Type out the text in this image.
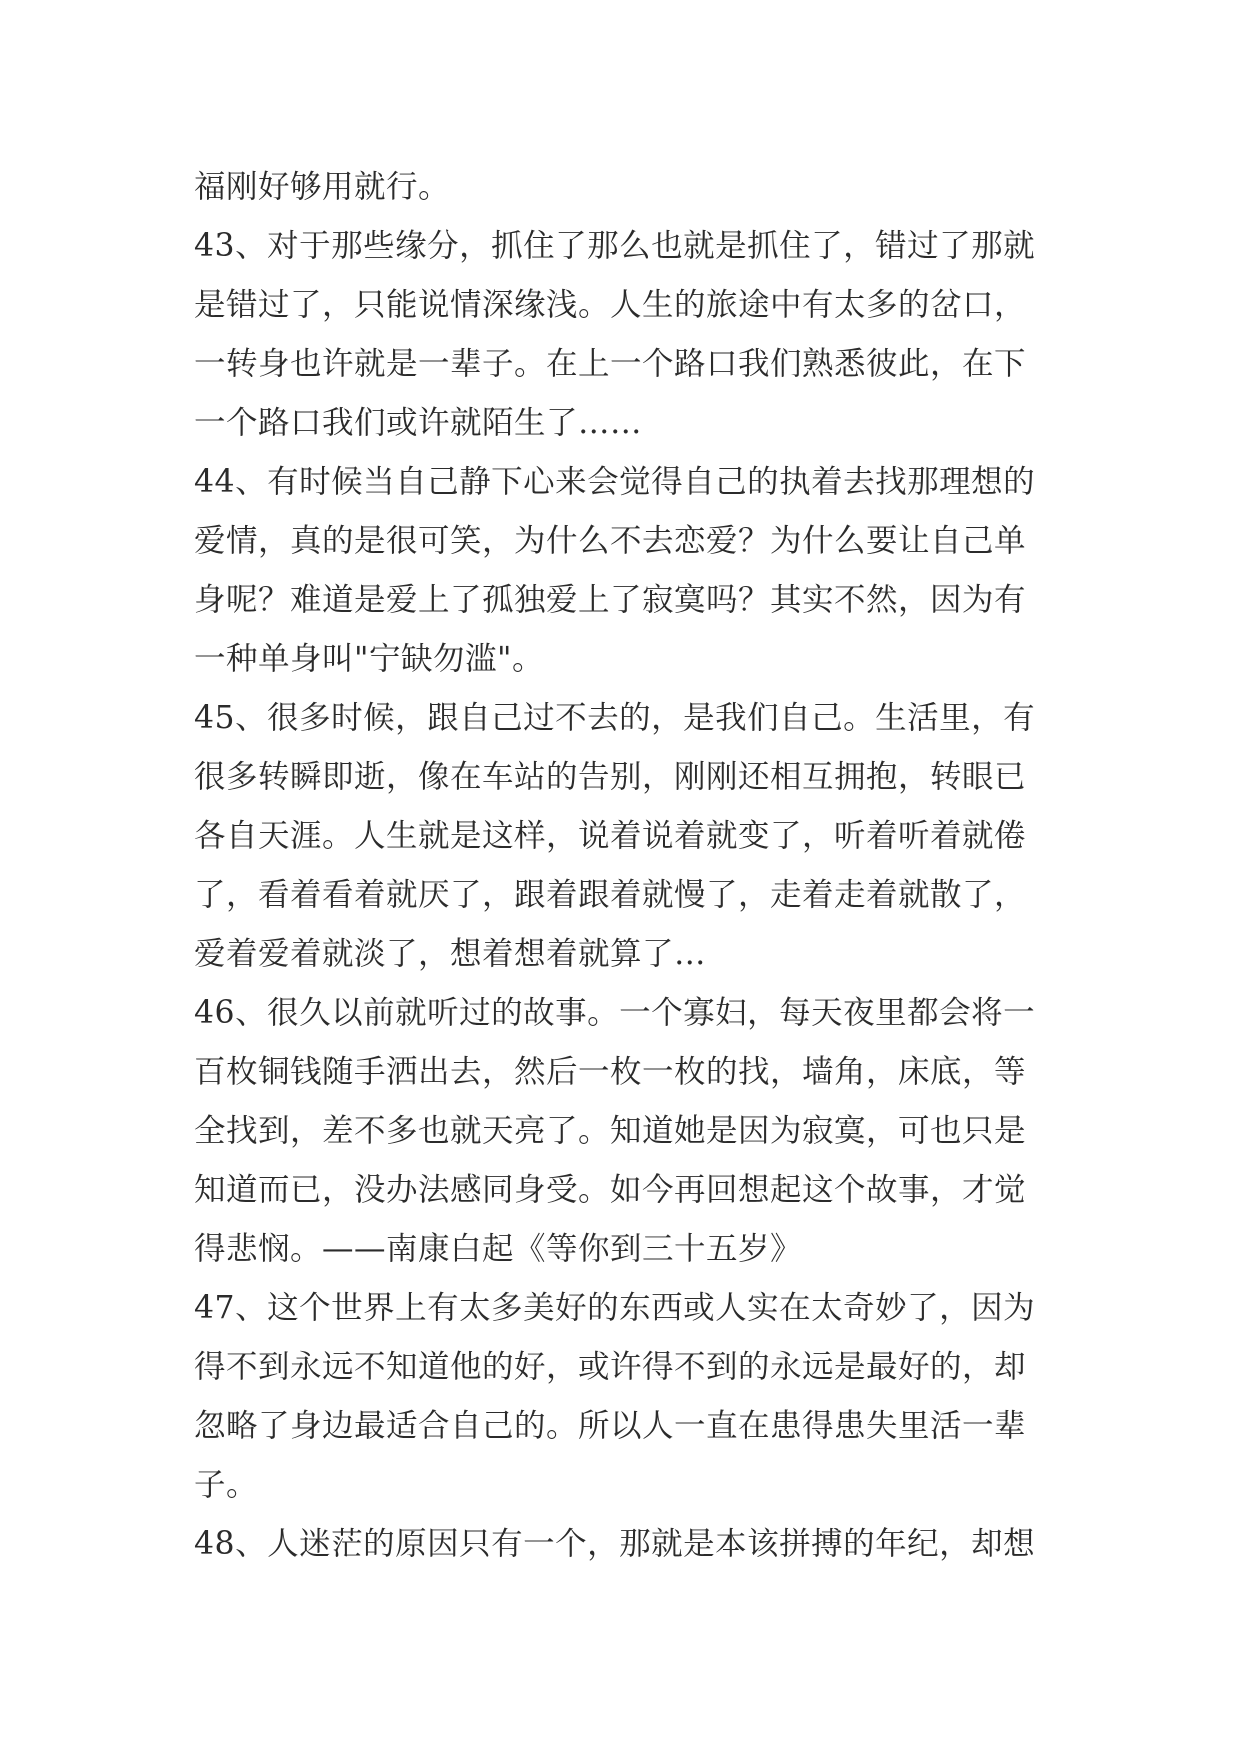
福刚好够用就行。
43、对于那些缘分，抓住了那么也就是抓住了，错过了那就
是错过了，只能说情深缘浅。人生的旅途中有太多的岔口，
一转身也许就是一辈子。在上一个路口我们熟悉彼此，在下
一个路口我们或许就陌生了……
44、有时候当自己静下心来会觉得自己的执着去找那理想的
爱情，真的是很可笑，为什么不去恋爱？为什么要让自己单
身呢？难道是爱上了孤独爱上了寂寞吗？其实不然，因为有
一种单身叫"宁缺勿滥"。
45、很多时候，跟自己过不去的，是我们自己。生活里，有
很多转瞬即逝，像在车站的告别，刚刚还相互拥抱，转眼已
各自天涯。人生就是这样，说着说着就变了，听着听着就倦
了，看着看着就厌了，跟着跟着就慢了，走着走着就散了，
爱着爱着就淡了，想着想着就算了…
46、很久以前就听过的故事。一个寡妇，每天夜里都会将一
百枚铜钱随手洒出去，然后一枚一枚的找，墙角，床底，等
全找到，差不多也就天亮了。知道她是因为寂寞，可也只是
知道而已，没办法感同身受。如今再回想起这个故事，才觉
得悲悯。——南康白起《等你到三十五岁》
47、这个世界上有太多美好的东西或人实在太奇妙了，因为
得不到永远不知道他的好，或许得不到的永远是最好的，却
忽略了身边最适合自己的。所以人一直在患得患失里活一辈
子。
48、人迷茫的原因只有一个，那就是本该拼搏的年纪，却想
